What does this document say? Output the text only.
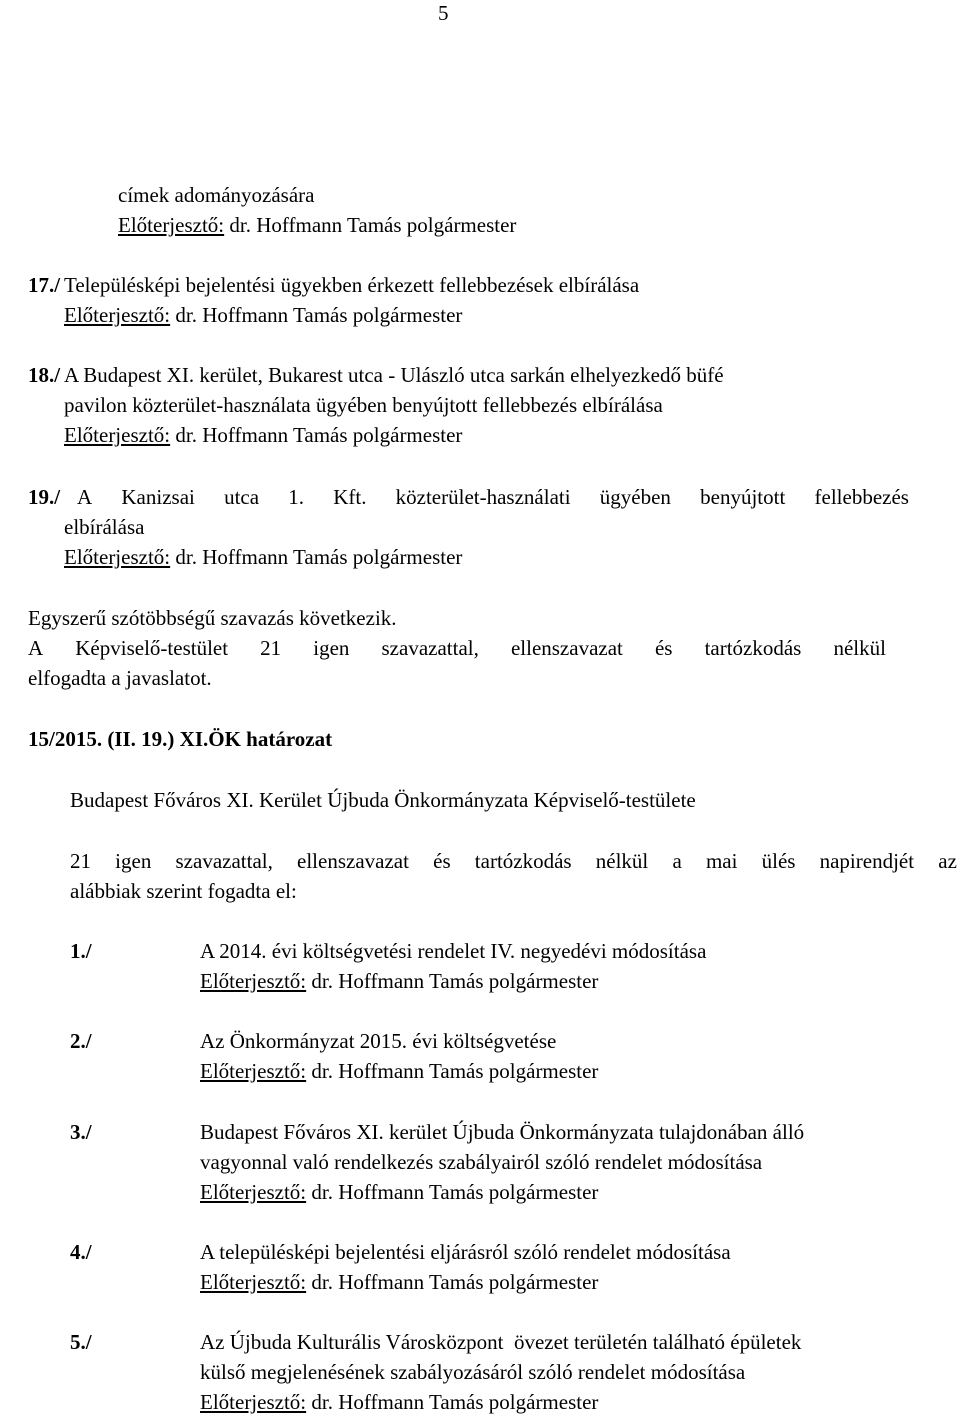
5
címek adományozására
Előterjesztő: dr. Hoffmann Tamás polgármester
17./ Településképi bejelentési ügyekben érkezett fellebbezések elbírálása
Előterjesztő: dr. Hoffmann Tamás polgármester
18./ A Budapest XI. kerület, Bukarest utca - Ulászló utca sarkán elhelyezkedő büfé
pavilon közterület-használata ügyében benyújtott fellebbezés elbírálása
Előterjesztő: dr. Hoffmann Tamás polgármester
19./ A Kanizsai utca 1. Kft. közterület-használati ügyében benyújtott fellebbezés
elbírálása
Előterjesztő: dr. Hoffmann Tamás polgármester
Egyszerű szótöbbségű szavazás következik.
A Képviselő-testület 21 igen szavazattal, ellenszavazat és tartózkodás nélkül
elfogadta a javaslatot.
15/2015. (II. 19.) XI.ÖK határozat
Budapest Főváros XI. Kerület Újbuda Önkormányzata Képviselő-testülete
21 igen szavazattal, ellenszavazat és tartózkodás nélkül a mai ülés napirendjét az
alábbiak szerint fogadta el:
1./	A 2014. évi költségvetési rendelet IV. negyedévi módosítása
Előterjesztő: dr. Hoffmann Tamás polgármester
2./	Az Önkormányzat 2015. évi költségvetése
Előterjesztő: dr. Hoffmann Tamás polgármester
3./	Budapest Főváros XI. kerület Újbuda Önkormányzata tulajdonában álló
vagyonnal való rendelkezés szabályairól szóló rendelet módosítása
Előterjesztő: dr. Hoffmann Tamás polgármester
4./	A településképi bejelentési eljárásról szóló rendelet módosítása
Előterjesztő: dr. Hoffmann Tamás polgármester
5./	Az Újbuda Kulturális Városközpont  övezet területén található épületek
külső megjelenésének szabályozásáról szóló rendelet módosítása
Előterjesztő: dr. Hoffmann Tamás polgármester
